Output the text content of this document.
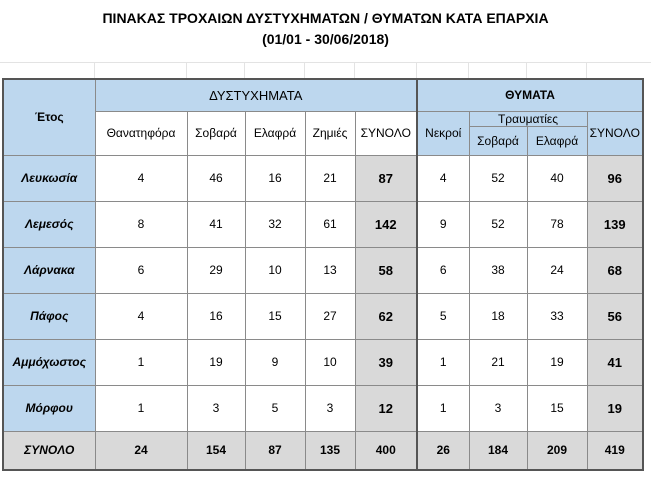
ΠΙΝΑΚΑΣ ΤΡΟΧΑΙΩΝ ΔΥΣΤΥΧΗΜΑΤΩΝ / ΘΥΜΑΤΩΝ ΚΑΤΑ ΕΠΑΡΧΙΑ
(01/01 - 30/06/2018)
Έτος	ΔΥΣΤΥΧΗΜΑΤΑ					ΘΥΜΑΤΑ			
	Θανατηφόρα	Σοβαρά	Ελαφρά	Ζημιές	ΣΥΝΟΛΟ	Νεκροί	Τραυματίες		ΣΥΝΟΛΟ
							Σοβαρά	Ελαφρά	
Λευκωσία	4	46	16	21	87	4	52	40	96
Λεμεσός	8	41	32	61	142	9	52	78	139
Λάρνακα	6	29	10	13	58	6	38	24	68
Πάφος	4	16	15	27	62	5	18	33	56
Αμμόχωστος	1	19	9	10	39	1	21	19	41
Μόρφου	1	3	5	3	12	1	3	15	19
ΣΥΝΟΛΟ	24	154	87	135	400	26	184	209	419
